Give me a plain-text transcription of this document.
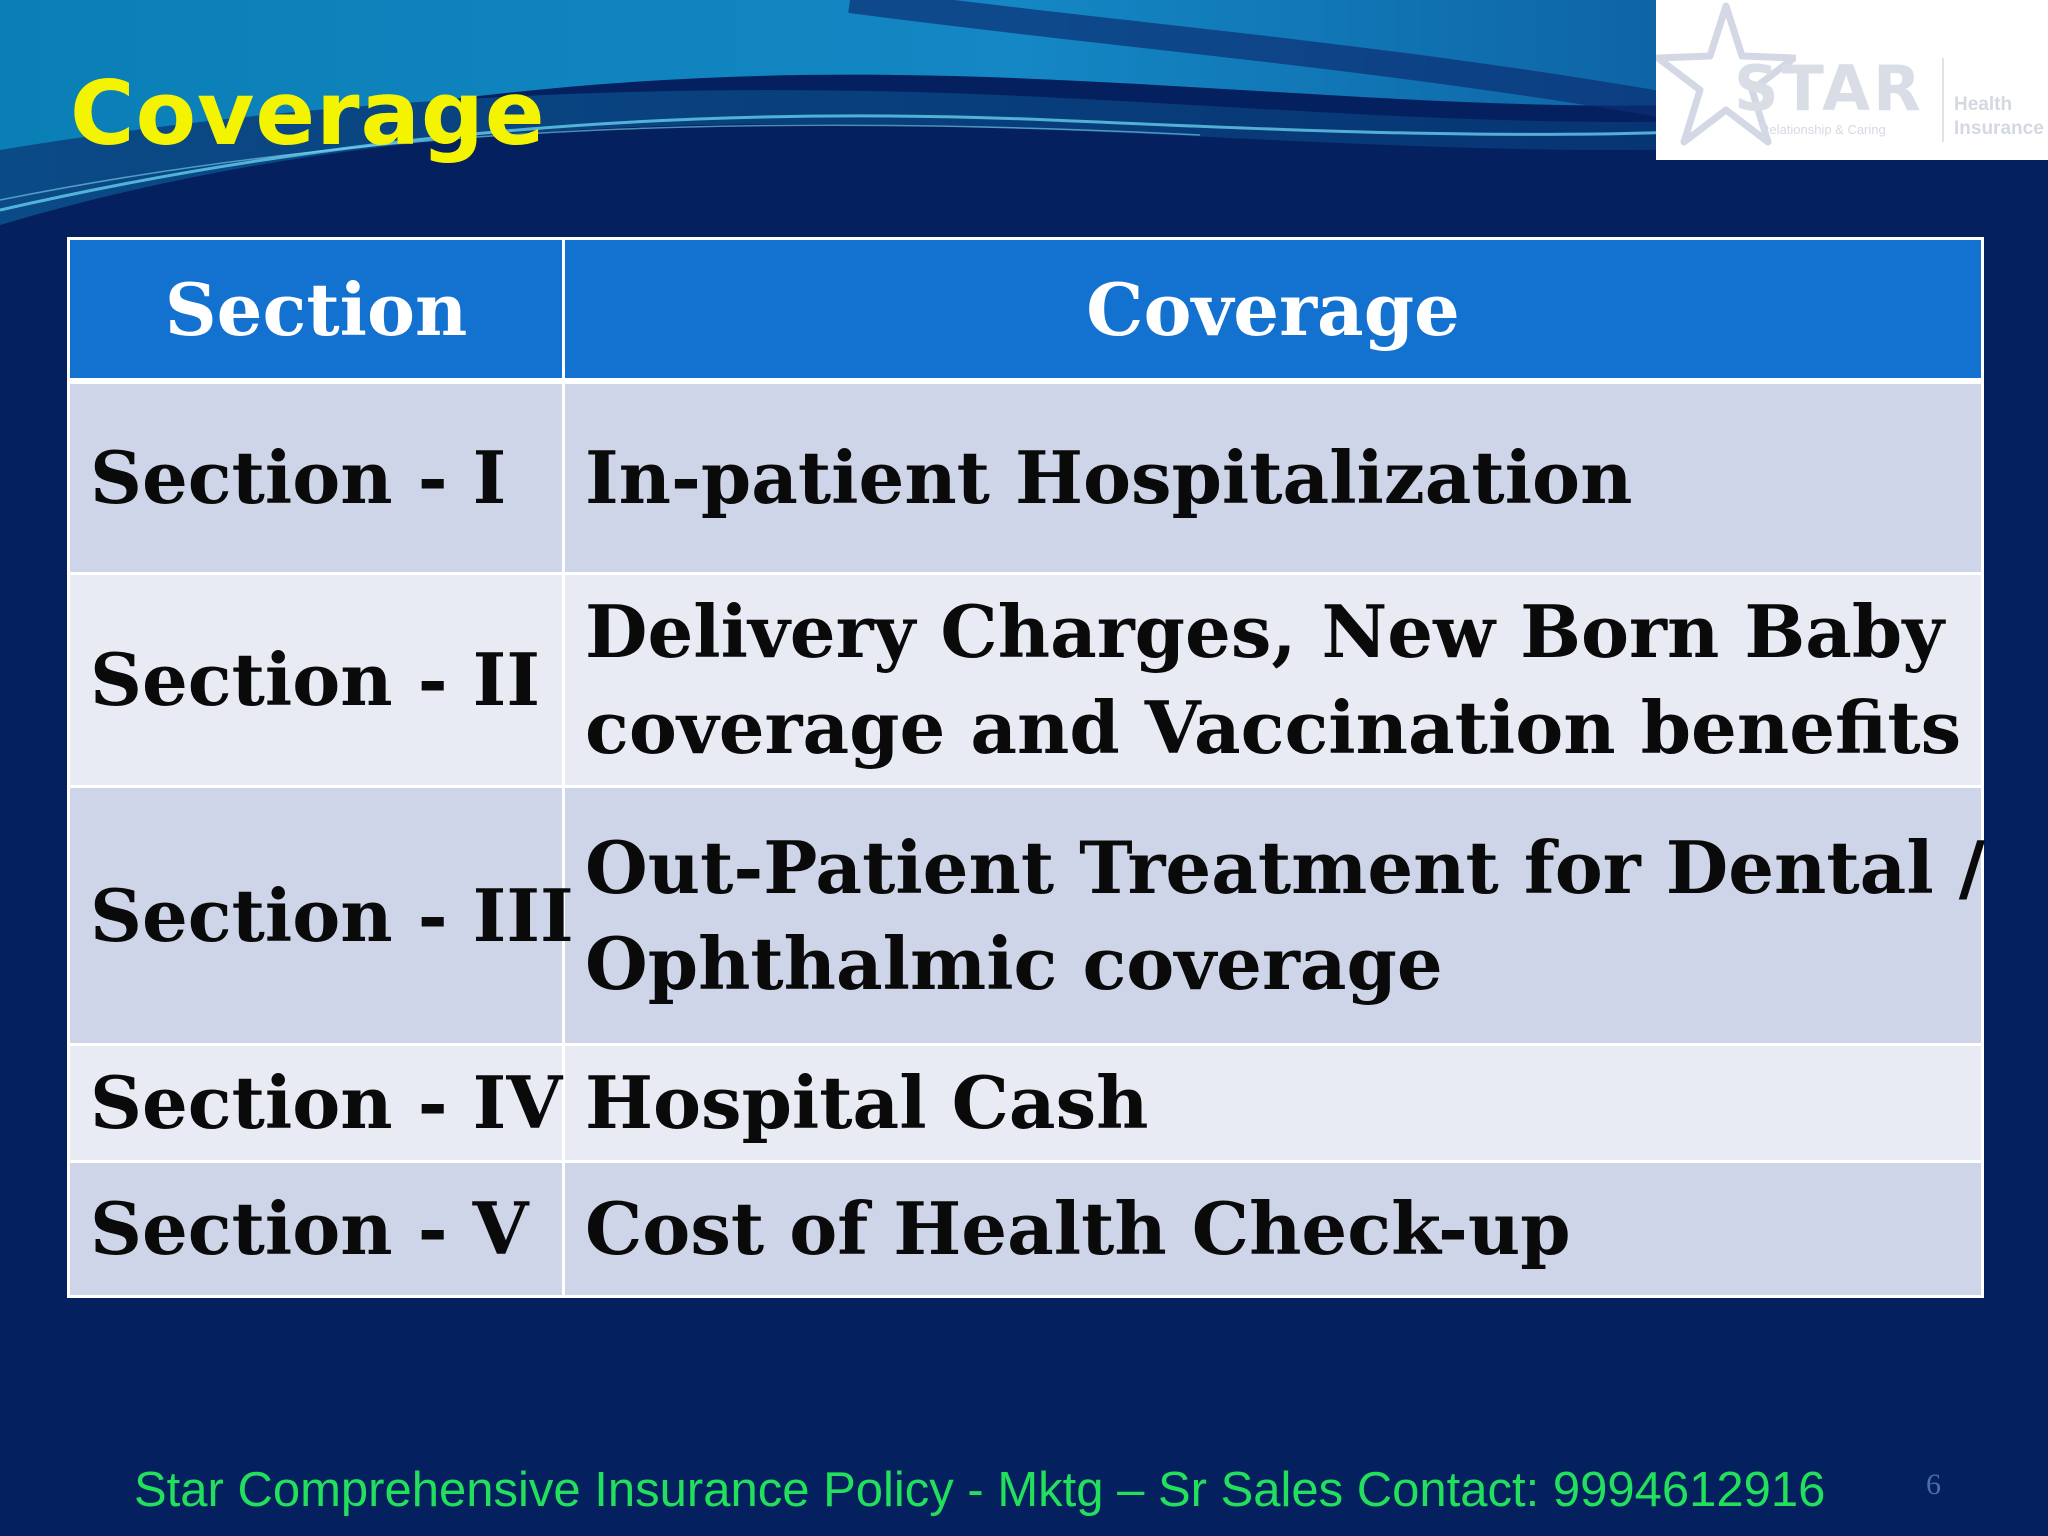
Coverage	STAR
Relationship & Caring
Health
Insurance
Section	Coverage
Section - I	In-patient Hospitalization

Section - II	Delivery Charges, New Born Baby
coverage and Vaccination benefits

Section - III	Out-Patient Treatment for Dental /
Ophthalmic coverage

Section - IV	Hospital Cash

Section - V	Cost of Health Check-up
Star Comprehensive Insurance Policy - Mktg – Sr Sales Contact: 9994612916	6
